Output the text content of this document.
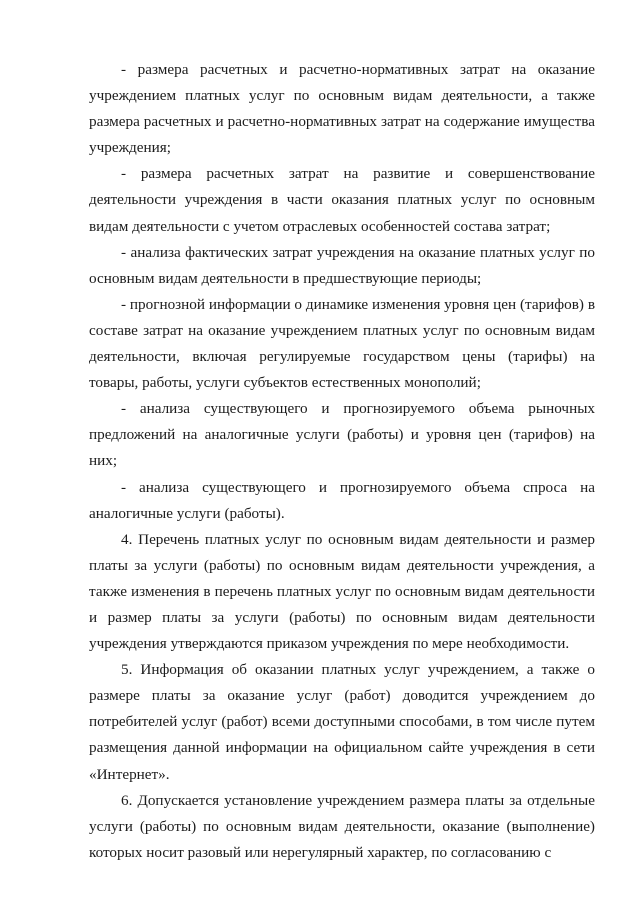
- размера расчетных и расчетно-нормативных затрат на оказание учреждением платных услуг по основным видам деятельности, а также размера расчетных и расчетно-нормативных затрат на содержание имущества учреждения;

- размера расчетных затрат на развитие и совершенствование деятельности учреждения в части оказания платных услуг по основным видам деятельности с учетом отраслевых особенностей состава затрат;

- анализа фактических затрат учреждения на оказание платных услуг по основным видам деятельности в предшествующие периоды;

- прогнозной информации о динамике изменения уровня цен (тарифов) в составе затрат на оказание учреждением платных услуг по основным видам деятельности, включая регулируемые государством цены (тарифы) на товары, работы, услуги субъектов естественных монополий;

- анализа существующего и прогнозируемого объема рыночных предложений на аналогичные услуги (работы) и уровня цен (тарифов) на них;

- анализа существующего и прогнозируемого объема спроса на аналогичные услуги (работы).

4. Перечень платных услуг по основным видам деятельности и размер платы за услуги (работы) по основным видам деятельности учреждения, а также изменения в перечень платных услуг по основным видам деятельности и размер платы за услуги (работы) по основным видам деятельности учреждения утверждаются приказом учреждения по мере необходимости.

5. Информация об оказании платных услуг учреждением, а также о размере платы за оказание услуг (работ) доводится учреждением до потребителей услуг (работ) всеми доступными способами, в том числе путем размещения данной информации на официальном сайте учреждения в сети «Интернет».

6. Допускается установление учреждением размера платы за отдельные услуги (работы) по основным видам деятельности, оказание (выполнение) которых носит разовый или нерегулярный характер, по согласованию с
